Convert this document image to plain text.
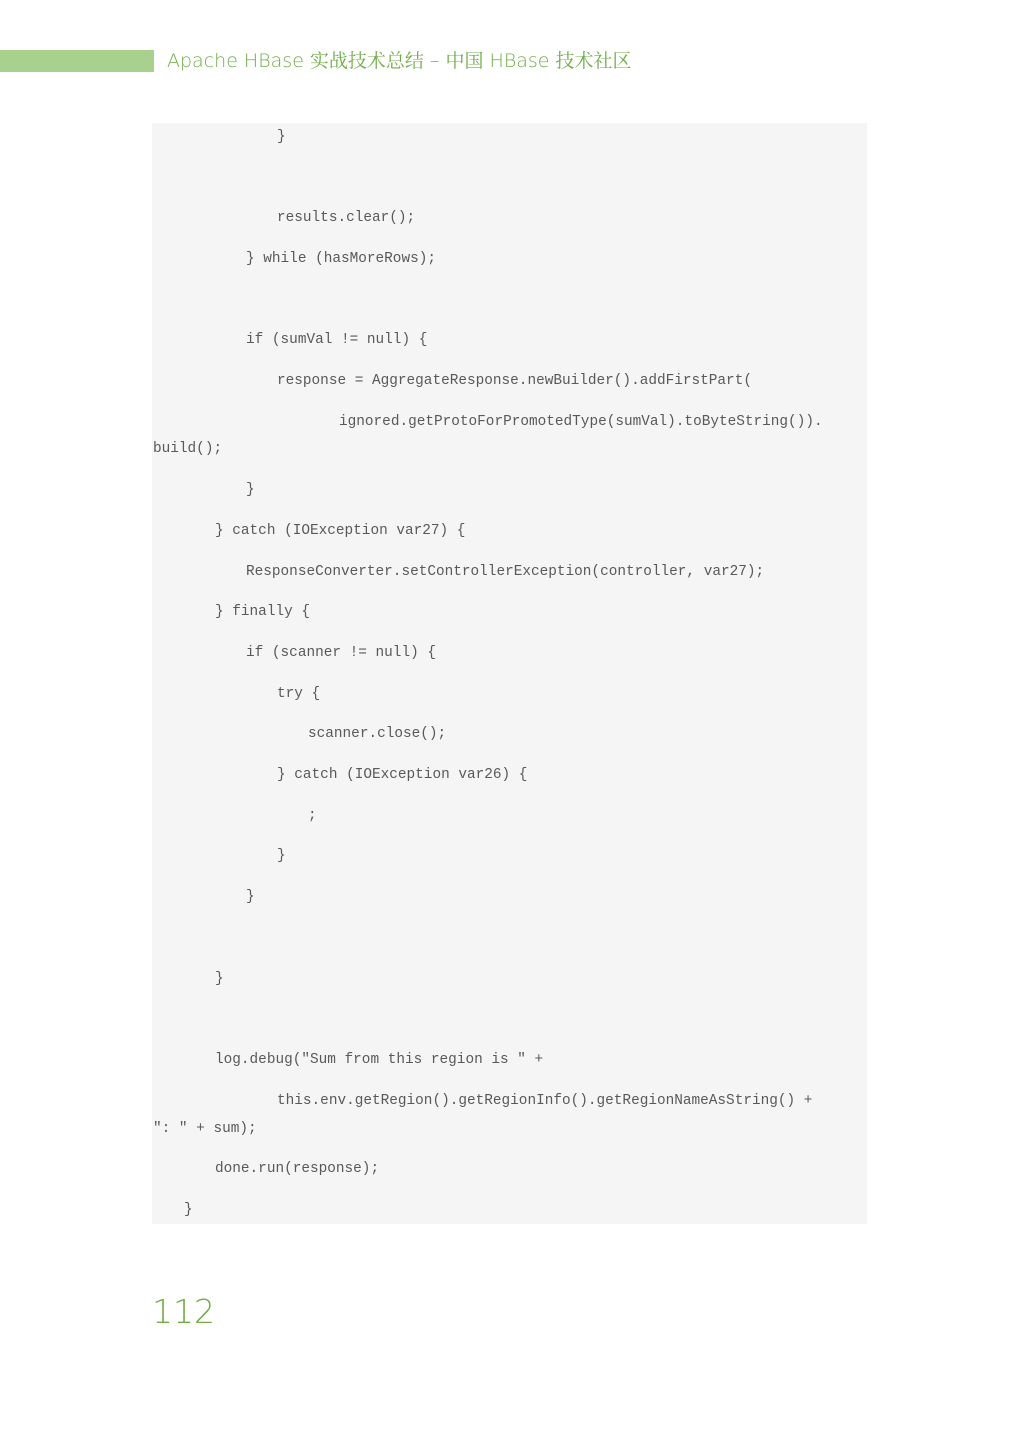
Apache HBase 实战技术总结 – 中国 HBase 技术社区
}
results.clear();
} while (hasMoreRows);
if (sumVal != null) {
response = AggregateResponse.newBuilder().addFirstPart(
ignored.getProtoForPromotedType(sumVal).toByteString()).
build();
}
} catch (IOException var27) {
ResponseConverter.setControllerException(controller, var27);
} finally {
if (scanner != null) {
try {
scanner.close();
} catch (IOException var26) {
;
}
}
}
log.debug("Sum from this region is " +
this.env.getRegion().getRegionInfo().getRegionNameAsString() +
": " + sum);
done.run(response);
}
112
